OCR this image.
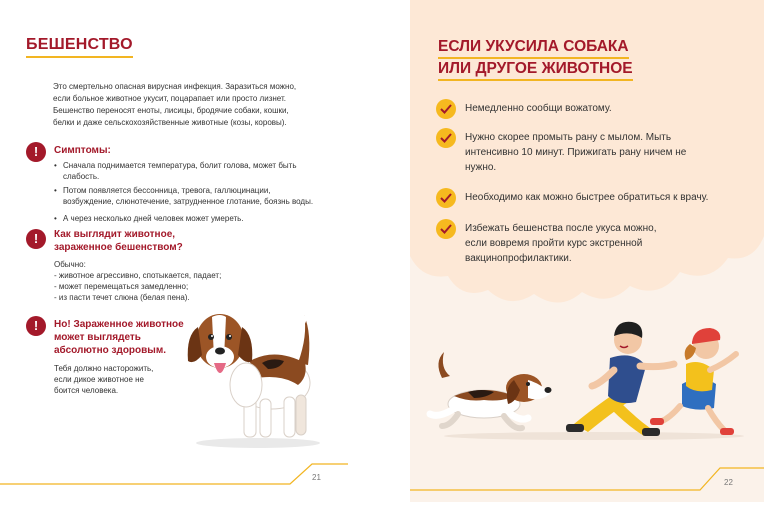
БЕШЕНСТВО
Это смертельно опасная вирусная инфекция. Заразиться можно, если больное животное укусит, поцарапает или просто лизнет. Бешенство переносят еноты, лисицы, бродячие собаки, кошки, белки и даже сельскохозяйственные животные (козы, коровы).
!	Симптомы:
• Сначала поднимается температура, болит голова, может быть слабость.
• Потом появляется бессонница, тревога, галлюцинации, возбуждение, слюнотечение, затрудненное глотание, боязнь воды.
• А через несколько дней человек может умереть.
!	Как выглядит животное, зараженное бешенством?
Обычно:
- животное агрессивно, спотыкается, падает;
- может перемещаться замедленно;
- из пасти течет слюна (белая пена).
!	Но! Зараженное животное может выглядеть абсолютно здоровым.
Тебя должно насторожить, если дикое животное не боится человека.
21
ЕСЛИ УКУСИЛА СОБАКА
ИЛИ ДРУГОЕ ЖИВОТНОЕ
Немедленно сообщи вожатому.
Нужно скорее промыть рану с мылом. Мыть интенсивно 10 минут. Прижигать рану ничем не нужно.
Необходимо как можно быстрее обратиться к врачу.
Избежать бешенства после укуса можно, если вовремя пройти курс экстренной вакцинопрофилактики.
22
